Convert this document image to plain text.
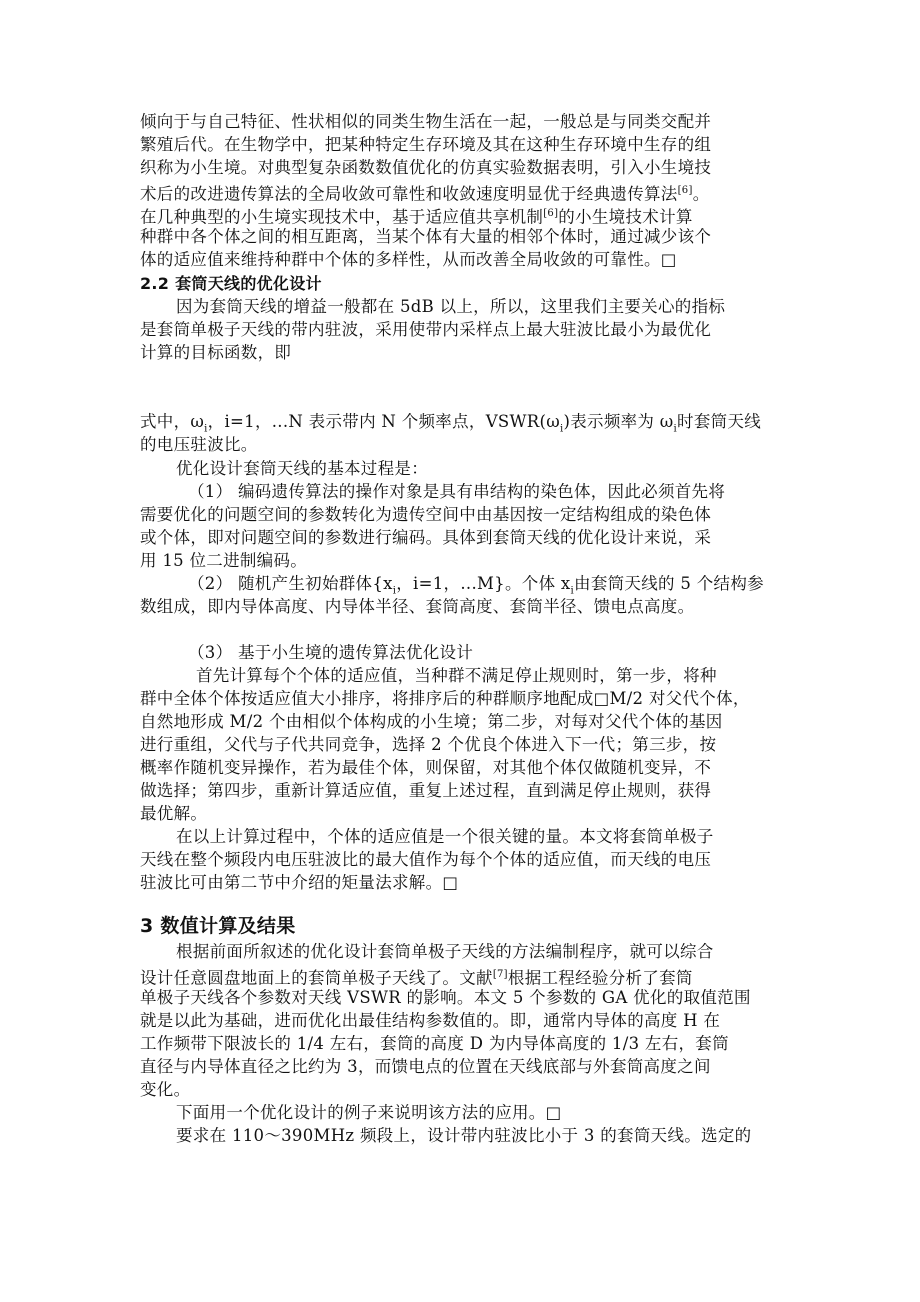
倾向于与自己特征、性状相似的同类生物生活在一起，一般总是与同类交配并
繁殖后代。在生物学中，把某种特定生存环境及其在这种生存环境中生存的组
织称为小生境。对典型复杂函数数值优化的仿真实验数据表明，引入小生境技
术后的改进遗传算法的全局收敛可靠性和收敛速度明显优于经典遗传算法[6]。
在几种典型的小生境实现技术中，基于适应值共享机制[6]的小生境技术计算
种群中各个体之间的相互距离，当某个体有大量的相邻个体时，通过减少该个
体的适应值来维持种群中个体的多样性，从而改善全局收敛的可靠性。□
2.2 套筒天线的优化设计
因为套筒天线的增益一般都在 5dB 以上，所以，这里我们主要关心的指标
是套筒单极子天线的带内驻波，采用使带内采样点上最大驻波比最小为最优化
计算的目标函数，即
式中，$\omega_i$，i=1，...N 表示带内 N 个频率点，$VSWR(\omega_i)$表示频率为 $\omega_i$时套筒天线
的电压驻波比。
优化设计套筒天线的基本过程是：
（1） 编码遗传算法的操作对象是具有串结构的染色体，因此必须首先将
需要优化的问题空间的参数转化为遗传空间中由基因按一定结构组成的染色体
或个体，即对问题空间的参数进行编码。具体到套筒天线的优化设计来说，采
用 15 位二进制编码。
（2） 随机产生初始群体{$x_i$，i=1，...M}。个体 $x_i$由套筒天线的 5 个结构参
数组成，即内导体高度、内导体半径、套筒高度、套筒半径、馈电点高度。
（3） 基于小生境的遗传算法优化设计
首先计算每个个体的适应值，当种群不满足停止规则时，第一步，将种
群中全体个体按适应值大小排序，将排序后的种群顺序地配成□M/2 对父代个体，
自然地形成 M/2 个由相似个体构成的小生境；第二步，对每对父代个体的基因
进行重组，父代与子代共同竞争，选择 2 个优良个体进入下一代；第三步，按
概率作随机变异操作，若为最佳个体，则保留，对其他个体仅做随机变异，不
做选择；第四步，重新计算适应值，重复上述过程，直到满足停止规则，获得
最优解。
在以上计算过程中，个体的适应值是一个很关键的量。本文将套筒单极子
天线在整个频段内电压驻波比的最大值作为每个个体的适应值，而天线的电压
驻波比可由第二节中介绍的矩量法求解。□
3 数值计算及结果
根据前面所叙述的优化设计套筒单极子天线的方法编制程序，就可以综合
设计任意圆盘地面上的套筒单极子天线了。文献[7]根据工程经验分析了套筒
单极子天线各个参数对天线 VSWR 的影响。本文 5 个参数的 GA 优化的取值范围
就是以此为基础，进而优化出最佳结构参数值的。即，通常内导体的高度 H 在
工作频带下限波长的 1/4 左右，套筒的高度 D 为内导体高度的 1/3 左右，套筒
直径与内导体直径之比约为 3，而馈电点的位置在天线底部与外套筒高度之间
变化。
下面用一个优化设计的例子来说明该方法的应用。□
要求在 110～390MHz 频段上，设计带内驻波比小于 3 的套筒天线。选定的
